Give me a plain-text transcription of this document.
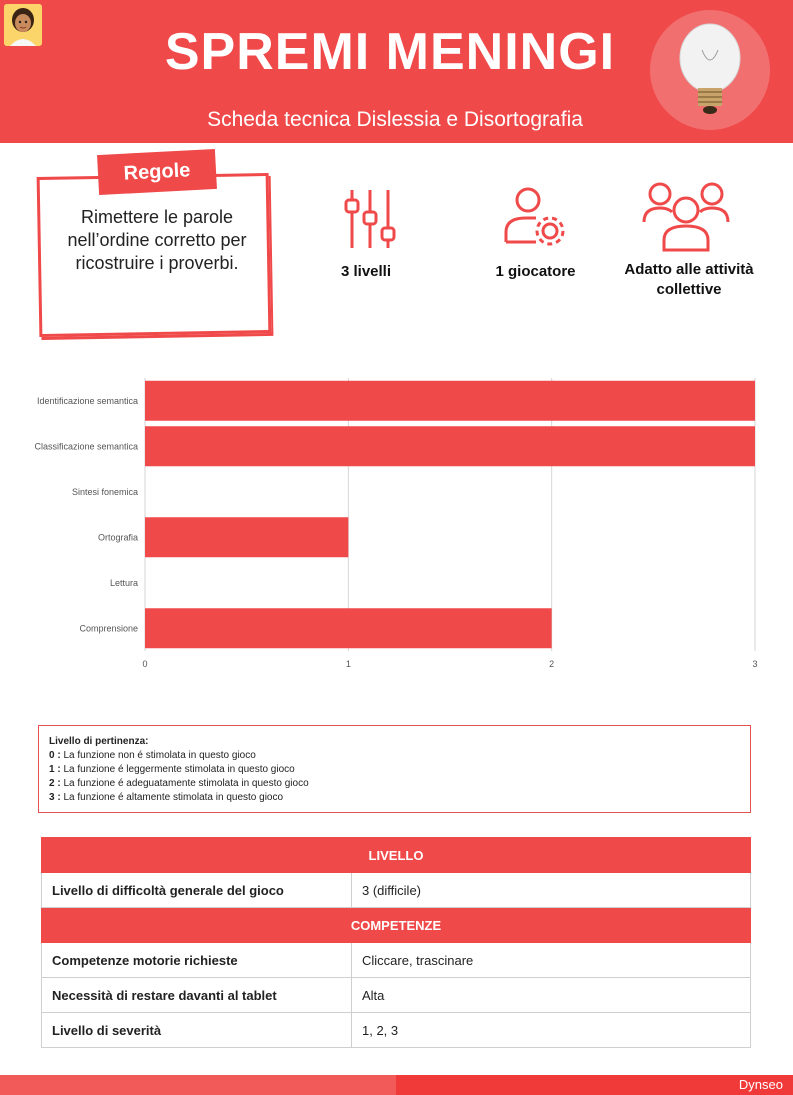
SPREMI MENINGI
Scheda tecnica Dislessia e Disortografia
Regole
Rimettere le parole nell’ordine corretto per ricostruire i proverbi.	3 livelli	1 giocatore	Adatto alle attività collettive
0	1	2	3
Identificazione semantica
Classificazione semantica
Sintesi fonemica
Ortografia
Lettura
Comprensione
Livello di pertinenza:
0 : La funzione non é stimolata in questo gioco
1 : La funzione é leggermente stimolata in questo gioco
2 : La funzione é adeguatamente stimolata in questo gioco
3 : La funzione é altamente stimolata in questo gioco
LIVELLO	
Livello di difficoltà generale del gioco	3 (difficile)
COMPETENZE	
Competenze motorie richieste	Cliccare, trascinare
Necessità di restare davanti al tablet	Alta
Livello di severità	1, 2, 3
Dynseo
